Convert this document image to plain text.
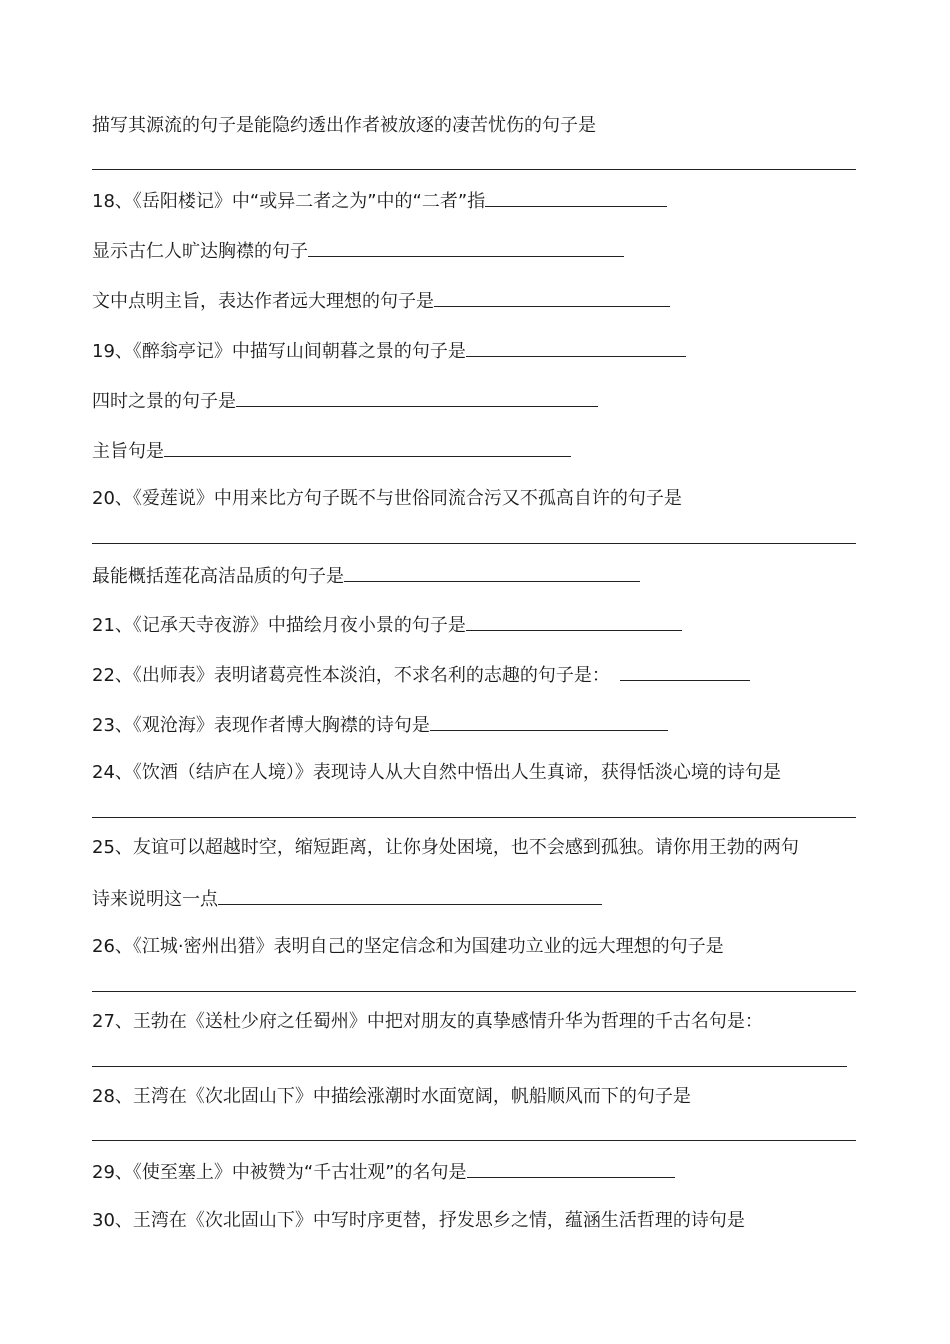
描写其源流的句子是能隐约透出作者被放逐的凄苦忧伤的句子是
18、《岳阳楼记》中“或异二者之为”中的“二者”指
显示古仁人旷达胸襟的句子
文中点明主旨，表达作者远大理想的句子是
19、《醉翁亭记》中描写山间朝暮之景的句子是
四时之景的句子是
主旨句是
20、《爱莲说》中用来比方句子既不与世俗同流合污又不孤高自许的句子是
最能概括莲花高洁品质的句子是
21、《记承天寺夜游》中描绘月夜小景的句子是
22、《出师表》表明诸葛亮性本淡泊，不求名利的志趣的句子是：
23、《观沧海》表现作者博大胸襟的诗句是
24、《饮酒（结庐在人境）》表现诗人从大自然中悟出人生真谛，获得恬淡心境的诗句是
25、友谊可以超越时空，缩短距离，让你身处困境，也不会感到孤独。请你用王勃的两句
诗来说明这一点
26、《江城·密州出猎》表明自己的坚定信念和为国建功立业的远大理想的句子是
27、王勃在《送杜少府之任蜀州》中把对朋友的真挚感情升华为哲理的千古名句是：
28、王湾在《次北固山下》中描绘涨潮时水面宽阔，帆船顺风而下的句子是
29、《使至塞上》中被赞为“千古壮观”的名句是
30、王湾在《次北固山下》中写时序更替，抒发思乡之情，蕴涵生活哲理的诗句是
